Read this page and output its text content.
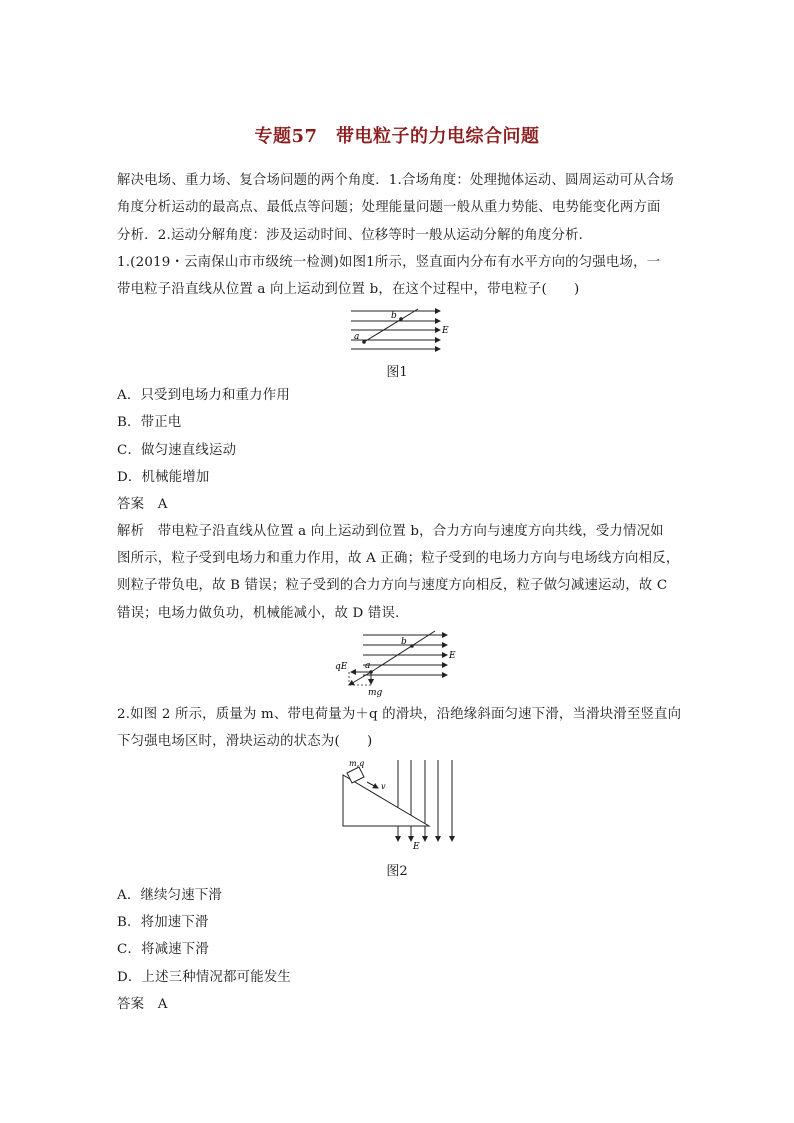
专题57　带电粒子的力电综合问题
解决电场、重力场、复合场问题的两个角度．1.合场角度：处理抛体运动、圆周运动可从合场
角度分析运动的最高点、最低点等问题；处理能量问题一般从重力势能、电势能变化两方面
分析．2.运动分解角度：涉及运动时间、位移等时一般从运动分解的角度分析．
1.(2019・云南保山市市级统一检测)如图1所示，竖直面内分布有水平方向的匀强电场，一
带电粒子沿直线从位置 a 向上运动到位置 b，在这个过程中，带电粒子(　　)
a
b
E
图1
A．只受到电场力和重力作用
B．带正电
C．做匀速直线运动
D．机械能增加
答案　A
解析　带电粒子沿直线从位置 a 向上运动到位置 b，合力方向与速度方向共线，受力情况如
图所示，粒子受到电场力和重力作用，故 A 正确；粒子受到的电场力方向与电场线方向相反，
则粒子带负电，故 B 错误；粒子受到的合力方向与速度方向相反，粒子做匀减速运动，故 C
错误；电场力做负功，机械能减小，故 D 错误．
a
b
E
qE
mg
2.如图 2 所示，质量为 m、带电荷量为＋q 的滑块，沿绝缘斜面匀速下滑，当滑块滑至竖直向
下匀强电场区时，滑块运动的状态为(　　)
m,q
v
E
图2
A．继续匀速下滑
B．将加速下滑
C．将减速下滑
D．上述三种情况都可能发生
答案　A
